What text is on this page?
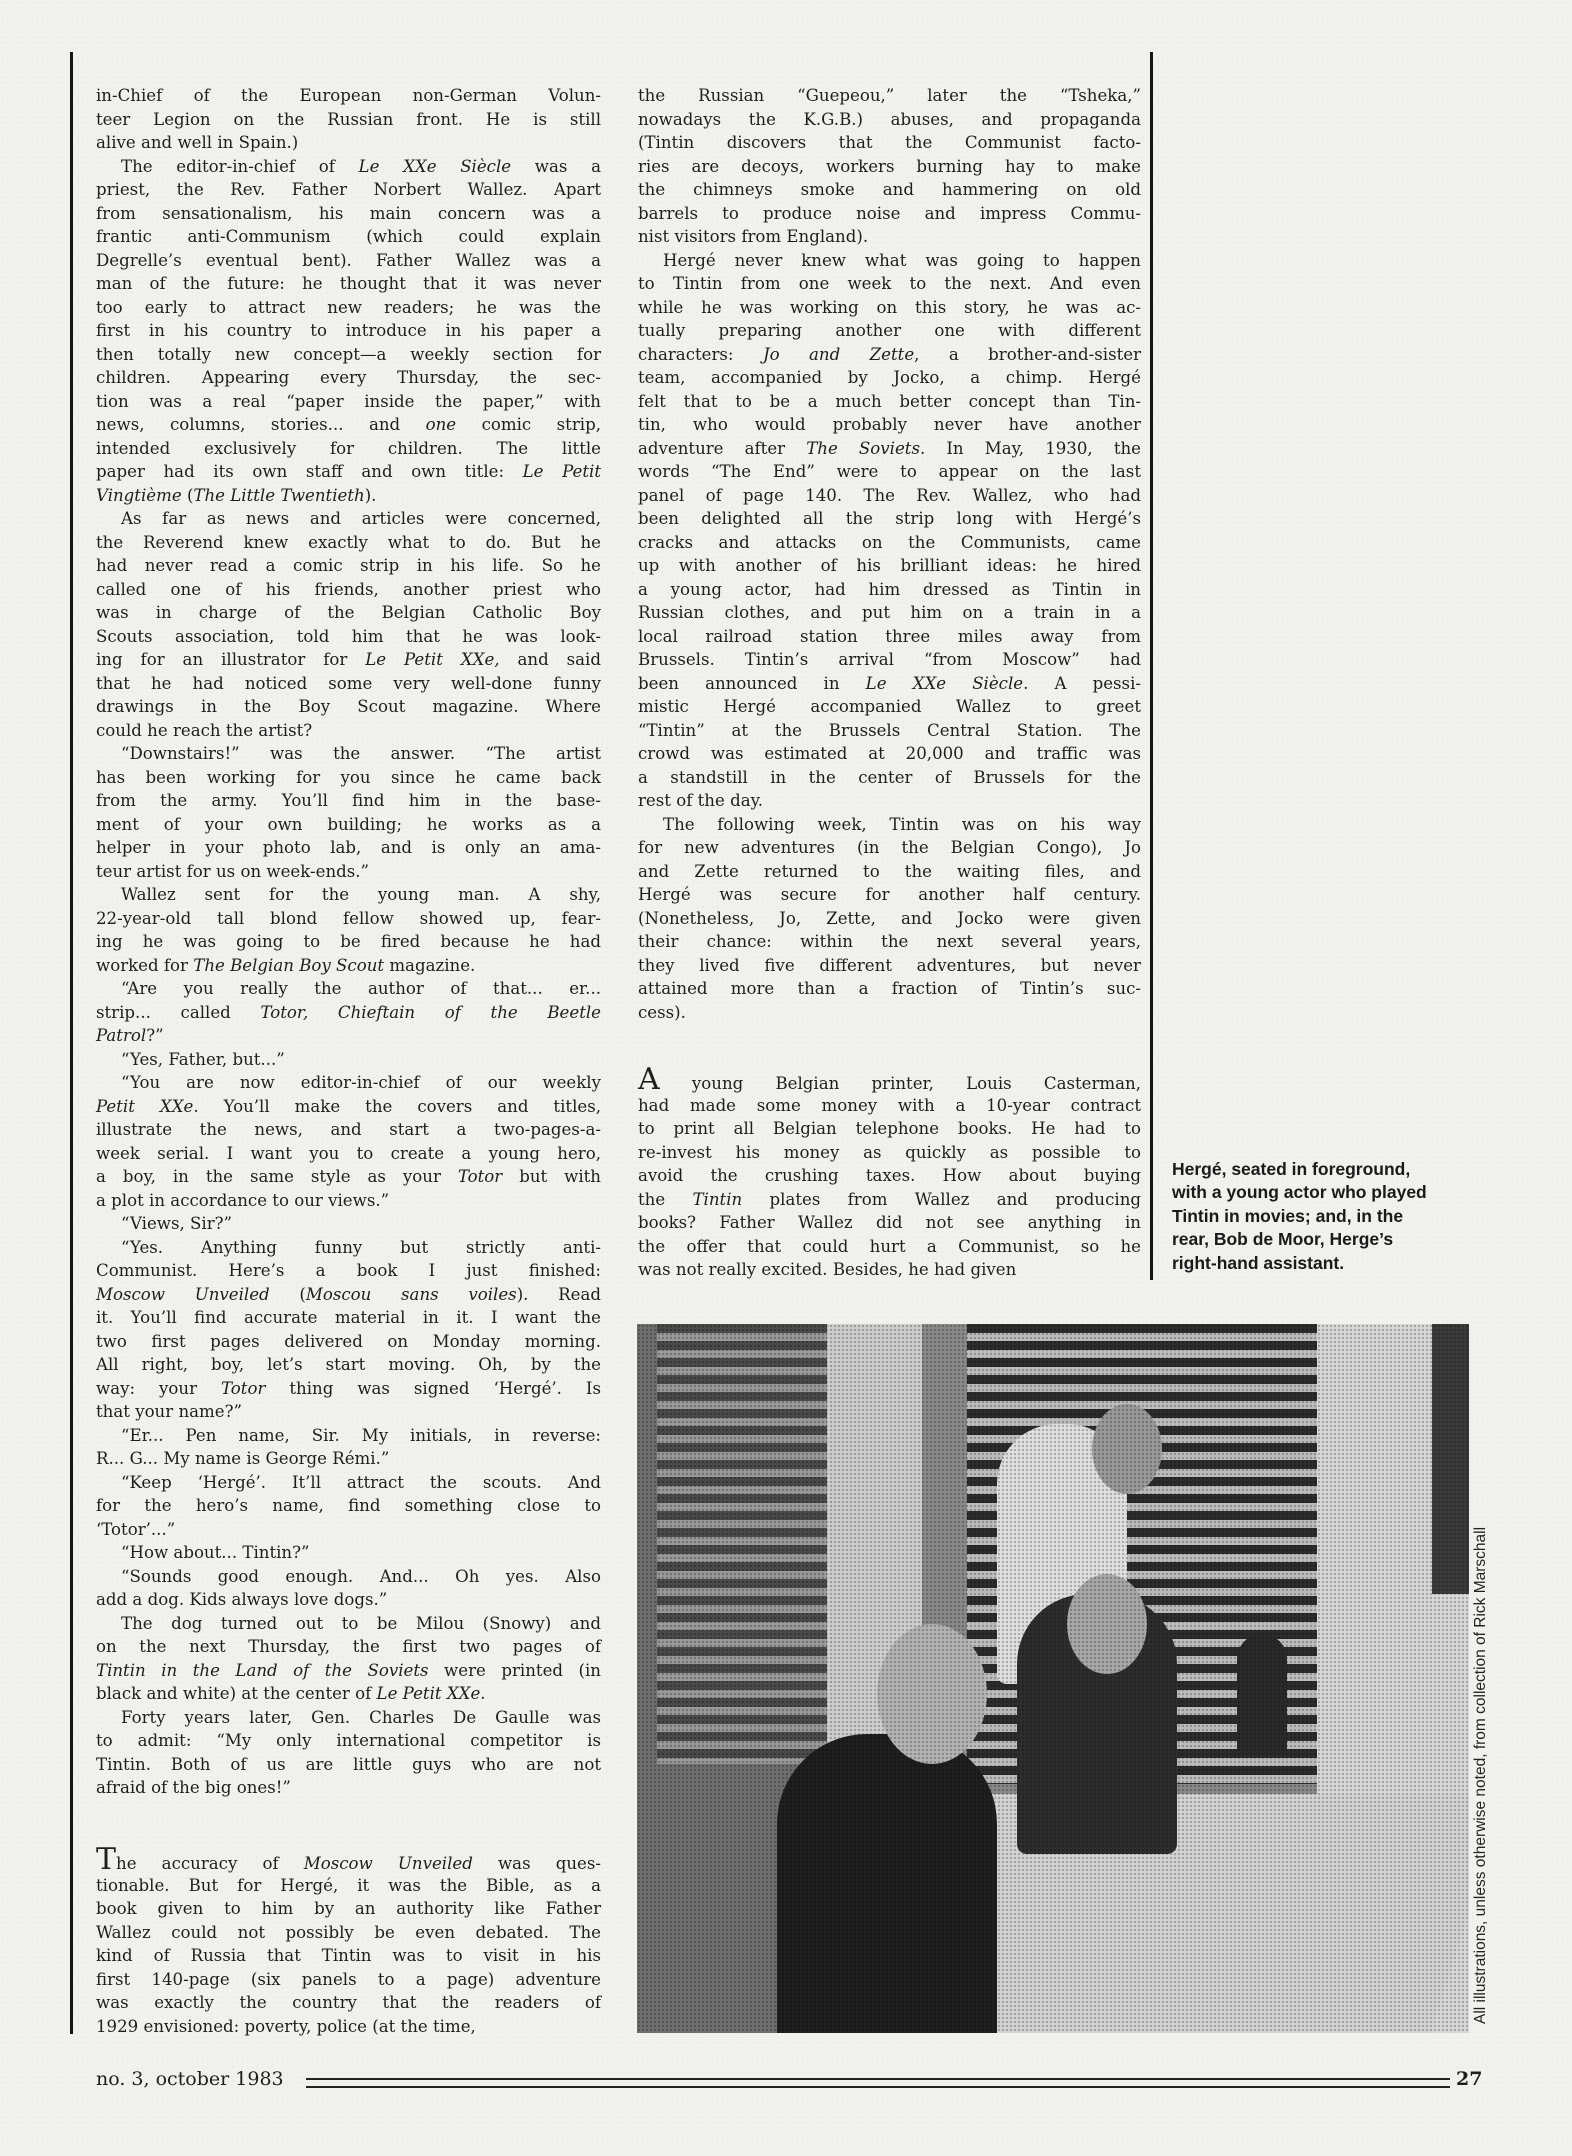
in-Chief of the European non-German Volun-
teer Legion on the Russian front. He is still
alive and well in Spain.)
The editor-in-chief of Le XXe Siècle was a
priest, the Rev. Father Norbert Wallez. Apart
from sensationalism, his main concern was a
frantic anti-Communism (which could explain
Degrelle’s eventual bent). Father Wallez was a
man of the future: he thought that it was never
too early to attract new readers; he was the
first in his country to introduce in his paper a
then totally new concept—a weekly section for
children. Appearing every Thursday, the sec-
tion was a real “paper inside the paper,” with
news, columns, stories... and one comic strip,
intended exclusively for children. The little
paper had its own staff and own title: Le Petit
Vingtième (The Little Twentieth).
As far as news and articles were concerned,
the Reverend knew exactly what to do. But he
had never read a comic strip in his life. So he
called one of his friends, another priest who
was in charge of the Belgian Catholic Boy
Scouts association, told him that he was look-
ing for an illustrator for Le Petit XXe, and said
that he had noticed some very well-done funny
drawings in the Boy Scout magazine. Where
could he reach the artist?
“Downstairs!” was the answer. “The artist
has been working for you since he came back
from the army. You’ll find him in the base-
ment of your own building; he works as a
helper in your photo lab, and is only an ama-
teur artist for us on week-ends.”
Wallez sent for the young man. A shy,
22-year-old tall blond fellow showed up, fear-
ing he was going to be fired because he had
worked for The Belgian Boy Scout magazine.
“Are you really the author of that... er...
strip... called Totor, Chieftain of the Beetle
Patrol?”
“Yes, Father, but...”
“You are now editor-in-chief of our weekly
Petit XXe. You’ll make the covers and titles,
illustrate the news, and start a two-pages-a-
week serial. I want you to create a young hero,
a boy, in the same style as your Totor but with
a plot in accordance to our views.”
“Views, Sir?”
“Yes. Anything funny but strictly anti-
Communist. Here’s a book I just finished:
Moscow Unveiled (Moscou sans voiles). Read
it. You’ll find accurate material in it. I want the
two first pages delivered on Monday morning.
All right, boy, let’s start moving. Oh, by the
way: your Totor thing was signed ‘Hergé’. Is
that your name?”
“Er... Pen name, Sir. My initials, in reverse:
R... G... My name is George Rémi.”
“Keep ‘Hergé’. It’ll attract the scouts. And
for the hero’s name, find something close to
‘Totor’...”
“How about... Tintin?”
“Sounds good enough. And... Oh yes. Also
add a dog. Kids always love dogs.”
The dog turned out to be Milou (Snowy) and
on the next Thursday, the first two pages of
Tintin in the Land of the Soviets were printed (in
black and white) at the center of Le Petit XXe.
Forty years later, Gen. Charles De Gaulle was
to admit: “My only international competitor is
Tintin. Both of us are little guys who are not
afraid of the big ones!”
The accuracy of Moscow Unveiled was ques-
tionable. But for Hergé, it was the Bible, as a
book given to him by an authority like Father
Wallez could not possibly be even debated. The
kind of Russia that Tintin was to visit in his
first 140-page (six panels to a page) adventure
was exactly the country that the readers of
1929 envisioned: poverty, police (at the time,
the Russian “Guepeou,” later the “Tsheka,”
nowadays the K.G.B.) abuses, and propaganda
(Tintin discovers that the Communist facto-
ries are decoys, workers burning hay to make
the chimneys smoke and hammering on old
barrels to produce noise and impress Commu-
nist visitors from England).
Hergé never knew what was going to happen
to Tintin from one week to the next. And even
while he was working on this story, he was ac-
tually preparing another one with different
characters: Jo and Zette, a brother-and-sister
team, accompanied by Jocko, a chimp. Hergé
felt that to be a much better concept than Tin-
tin, who would probably never have another
adventure after The Soviets. In May, 1930, the
words “The End” were to appear on the last
panel of page 140. The Rev. Wallez, who had
been delighted all the strip long with Hergé’s
cracks and attacks on the Communists, came
up with another of his brilliant ideas: he hired
a young actor, had him dressed as Tintin in
Russian clothes, and put him on a train in a
local railroad station three miles away from
Brussels. Tintin’s arrival “from Moscow” had
been announced in Le XXe Siècle. A pessi-
mistic Hergé accompanied Wallez to greet
“Tintin” at the Brussels Central Station. The
crowd was estimated at 20,000 and traffic was
a standstill in the center of Brussels for the
rest of the day.
The following week, Tintin was on his way
for new adventures (in the Belgian Congo), Jo
and Zette returned to the waiting files, and
Hergé was secure for another half century.
(Nonetheless, Jo, Zette, and Jocko were given
their chance: within the next several years,
they lived five different adventures, but never
attained more than a fraction of Tintin’s suc-
cess).
A young Belgian printer, Louis Casterman,
had made some money with a 10-year contract
to print all Belgian telephone books. He had to
re-invest his money as quickly as possible to
avoid the crushing taxes. How about buying
the Tintin plates from Wallez and producing
books? Father Wallez did not see anything in
the offer that could hurt a Communist, so he
was not really excited. Besides, he had given
Hergé, seated in foreground,
with a young actor who played
Tintin in movies; and, in the
rear, Bob de Moor, Herge’s
right-hand assistant.
All illustrations, unless otherwise noted, from collection of Rick Marschall
no. 3, october 1983	27
